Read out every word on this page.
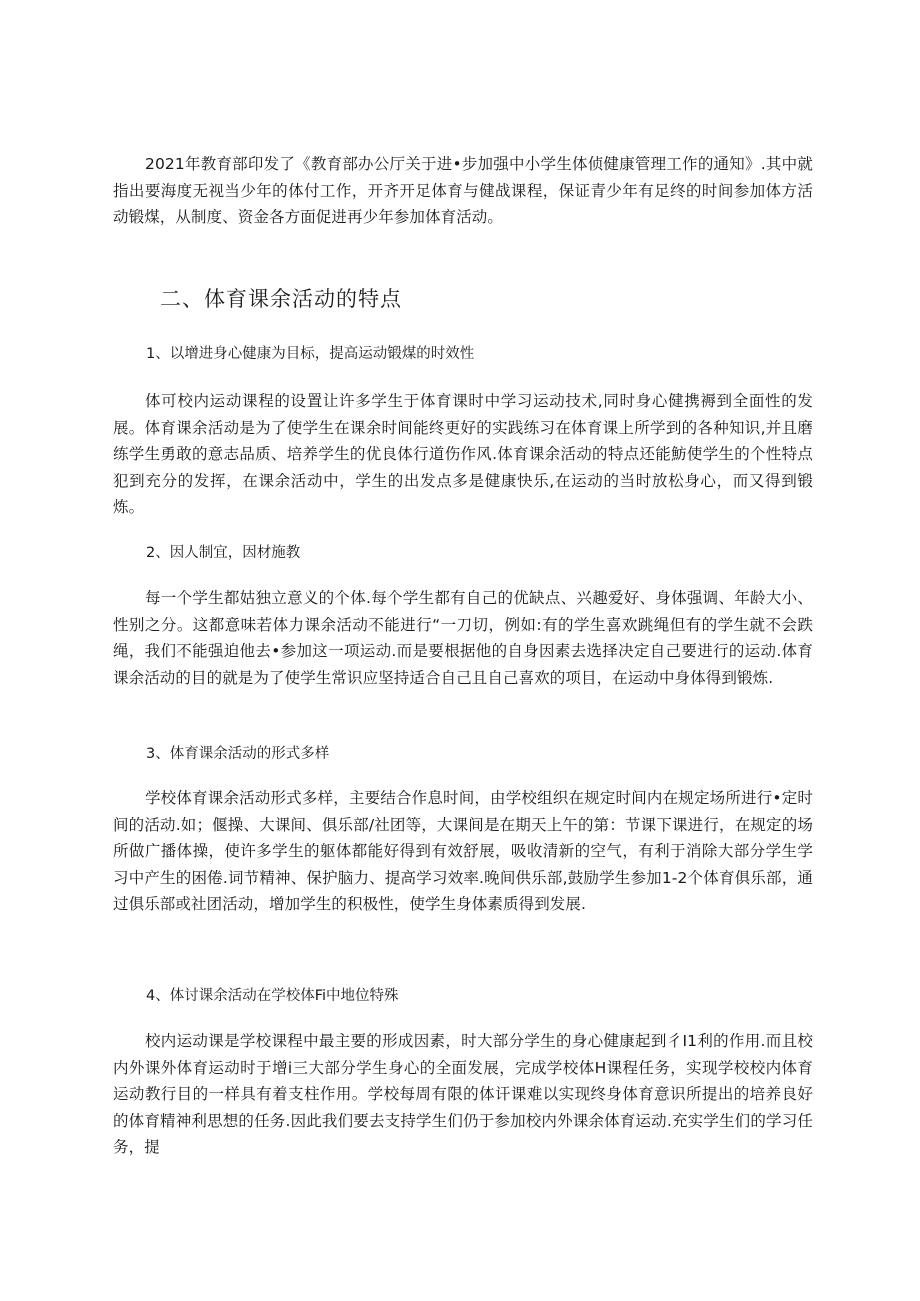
2021年教育部印发了《教育部办公厅关于进•步加强中小学生体侦健康管理工作的通知》.其中就指出要海度无视当少年的体付工作，开齐开足体育与健战课程，保证青少年有足终的时间参加体方活动锻煤，从制度、资金各方面促进再少年参加体育活动。

二、体育课余活动的特点
1、以增进身心健康为目标，提高运动锻煤的时效性

体可校内运动课程的设置让许多学生于体育课时中学习运动技术,同时身心健携褥到全面性的发展。体育课余活动是为了使学生在课余时间能终更好的实践练习在体育课上所学到的各种知识,并且磨练学生勇敢的意志品质、培养学生的优良体行道伤作风.体育课余活动的特点还能魴使学生的个性特点犯到充分的发挥，在课余活动中，学生的出发点多是健康快乐,在运动的当时放松身心，而又得到锻炼。

2、因人制宜，因材施教

每一个学生都姑独立意义的个体.每个学生都有自己的优缺点、兴趣爱好、身体强调、年龄大小、性别之分。这都意味若体力课余活动不能进行“一刀切，例如:有的学生喜欢跳绳但有的学生就不会跌绳，我们不能强迫他去•参加这一项运动.而是要根据他的自身因素去选择决定自己要进行的运动.体育课余活动的目的就是为了使学生常识应坚持适合自己且自己喜欢的项目，在运动中身体得到锻炼.

3、体育课余活动的形式多样

学校体育课余活动形式多样，主要结合作息时间，由学校组织在规定时间内在规定场所进行•定时间的活动.如；偃操、大课间、俱乐部/社团等，大课间是在期天上午的第：节课下课进行，在规定的场所做广播体操，使许多学生的躯体都能好得到有效舒展，吸收清新的空气，有利于消除大部分学生学习中产生的困倦.词节精神、保护脑力、提高学习效率.晚间供乐部,鼓励学生参加1-2个体育俱乐部，通过俱乐部或社团活动，增加学生的积极性，使学生身体素质得到发展.

4、体讨课余活动在学校体Fi中地位特殊

校内运动课是学校课程中最主要的形成因素，时大部分学生的身心健康起到彳I1利的作用.而且校内外课外体育运动时于增i三大部分学生身心的全面发展，完成学校体H课程任务，实现学校校内体育运动教行目的一样具有着支柱作用。学校每周有限的体讦课难以实现终身体育意识所提出的培养良好的体育精神利思想的任务.因此我们要去支持学生们仍于参加校内外课余体育运动.充实学生们的学习任务，提
